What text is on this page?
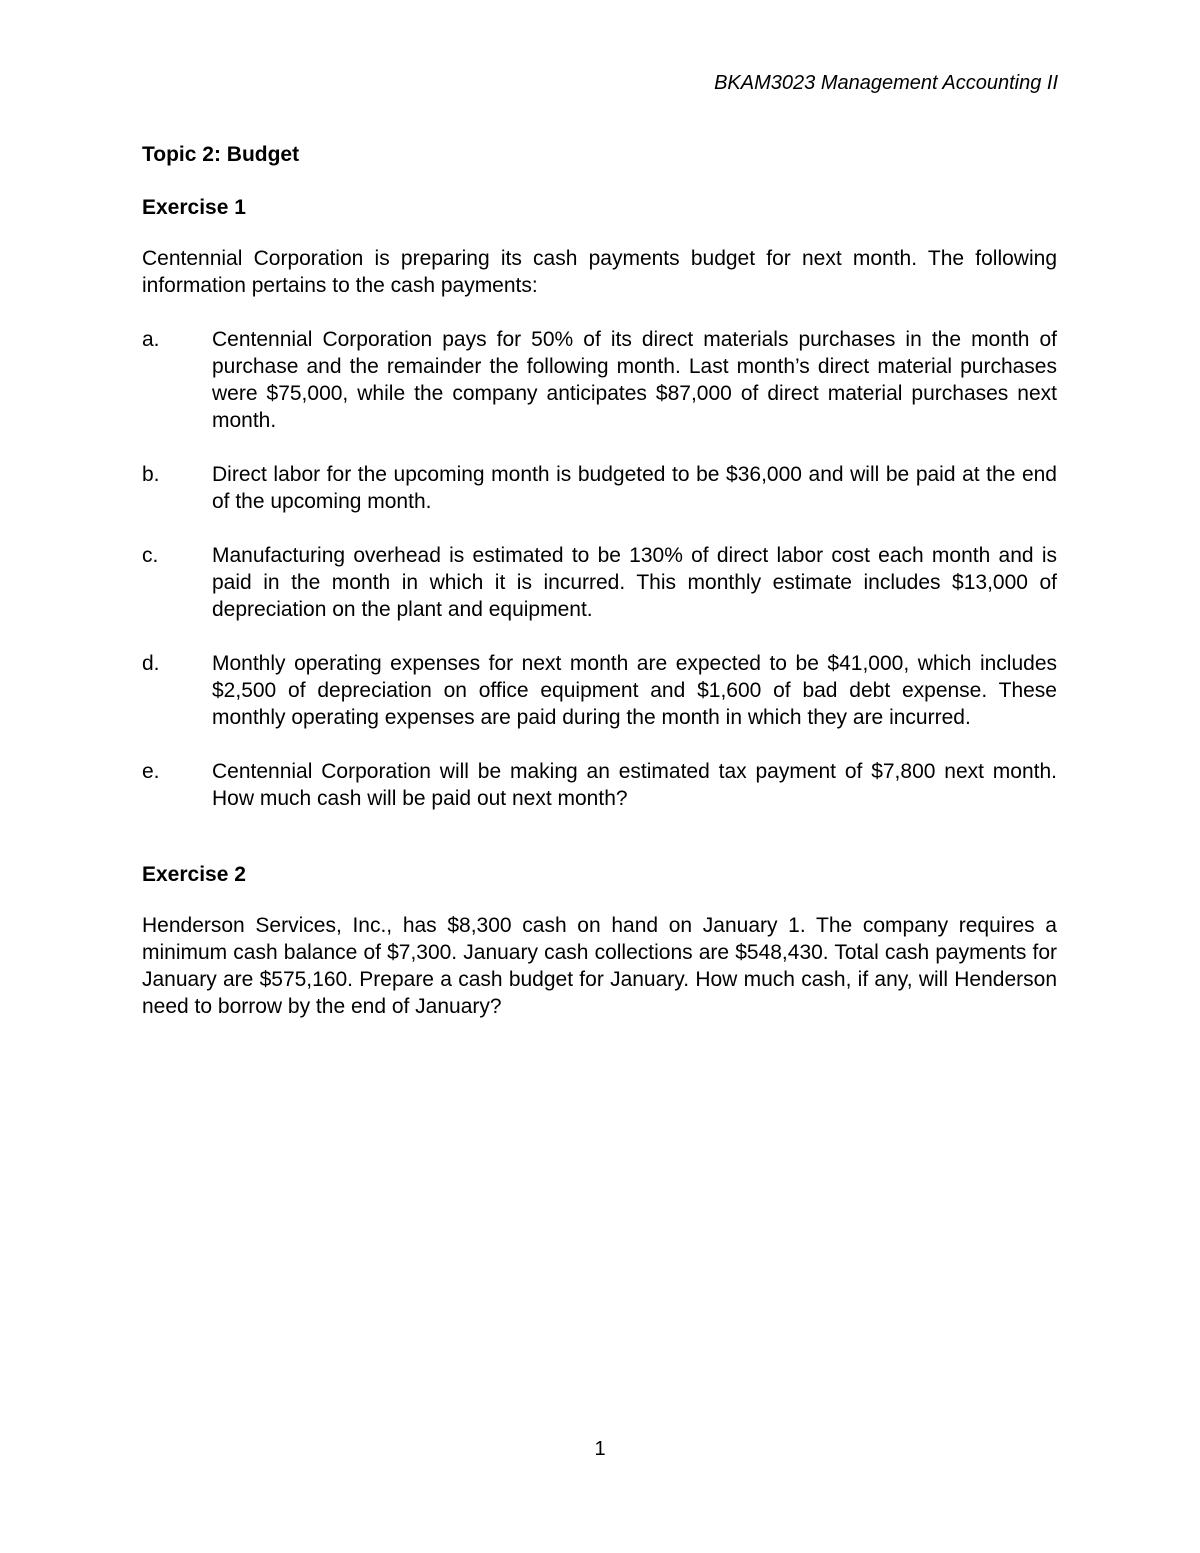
BKAM3023 Management Accounting II
Topic 2: Budget
Exercise 1

Centennial Corporation is preparing its cash payments budget for next month. The following information pertains to the cash payments:

a.	Centennial Corporation pays for 50% of its direct materials purchases in the month of purchase and the remainder the following month. Last month’s direct material purchases were $75,000, while the company anticipates $87,000 of direct material purchases next month.
b.	Direct labor for the upcoming month is budgeted to be $36,000 and will be paid at the end of the upcoming month.
c.	Manufacturing overhead is estimated to be 130% of direct labor cost each month and is paid in the month in which it is incurred. This monthly estimate includes $13,000 of depreciation on the plant and equipment.
d.	Monthly operating expenses for next month are expected to be $41,000, which includes $2,500 of depreciation on office equipment and $1,600 of bad debt expense. These monthly operating expenses are paid during the month in which they are incurred.
e.	Centennial Corporation will be making an estimated tax payment of $7,800 next month. How much cash will be paid out next month?
Exercise 2

Henderson Services, Inc., has $8,300 cash on hand on January 1. The company requires a minimum cash balance of $7,300. January cash collections are $548,430. Total cash payments for January are $575,160. Prepare a cash budget for January. How much cash, if any, will Henderson need to borrow by the end of January?

1
